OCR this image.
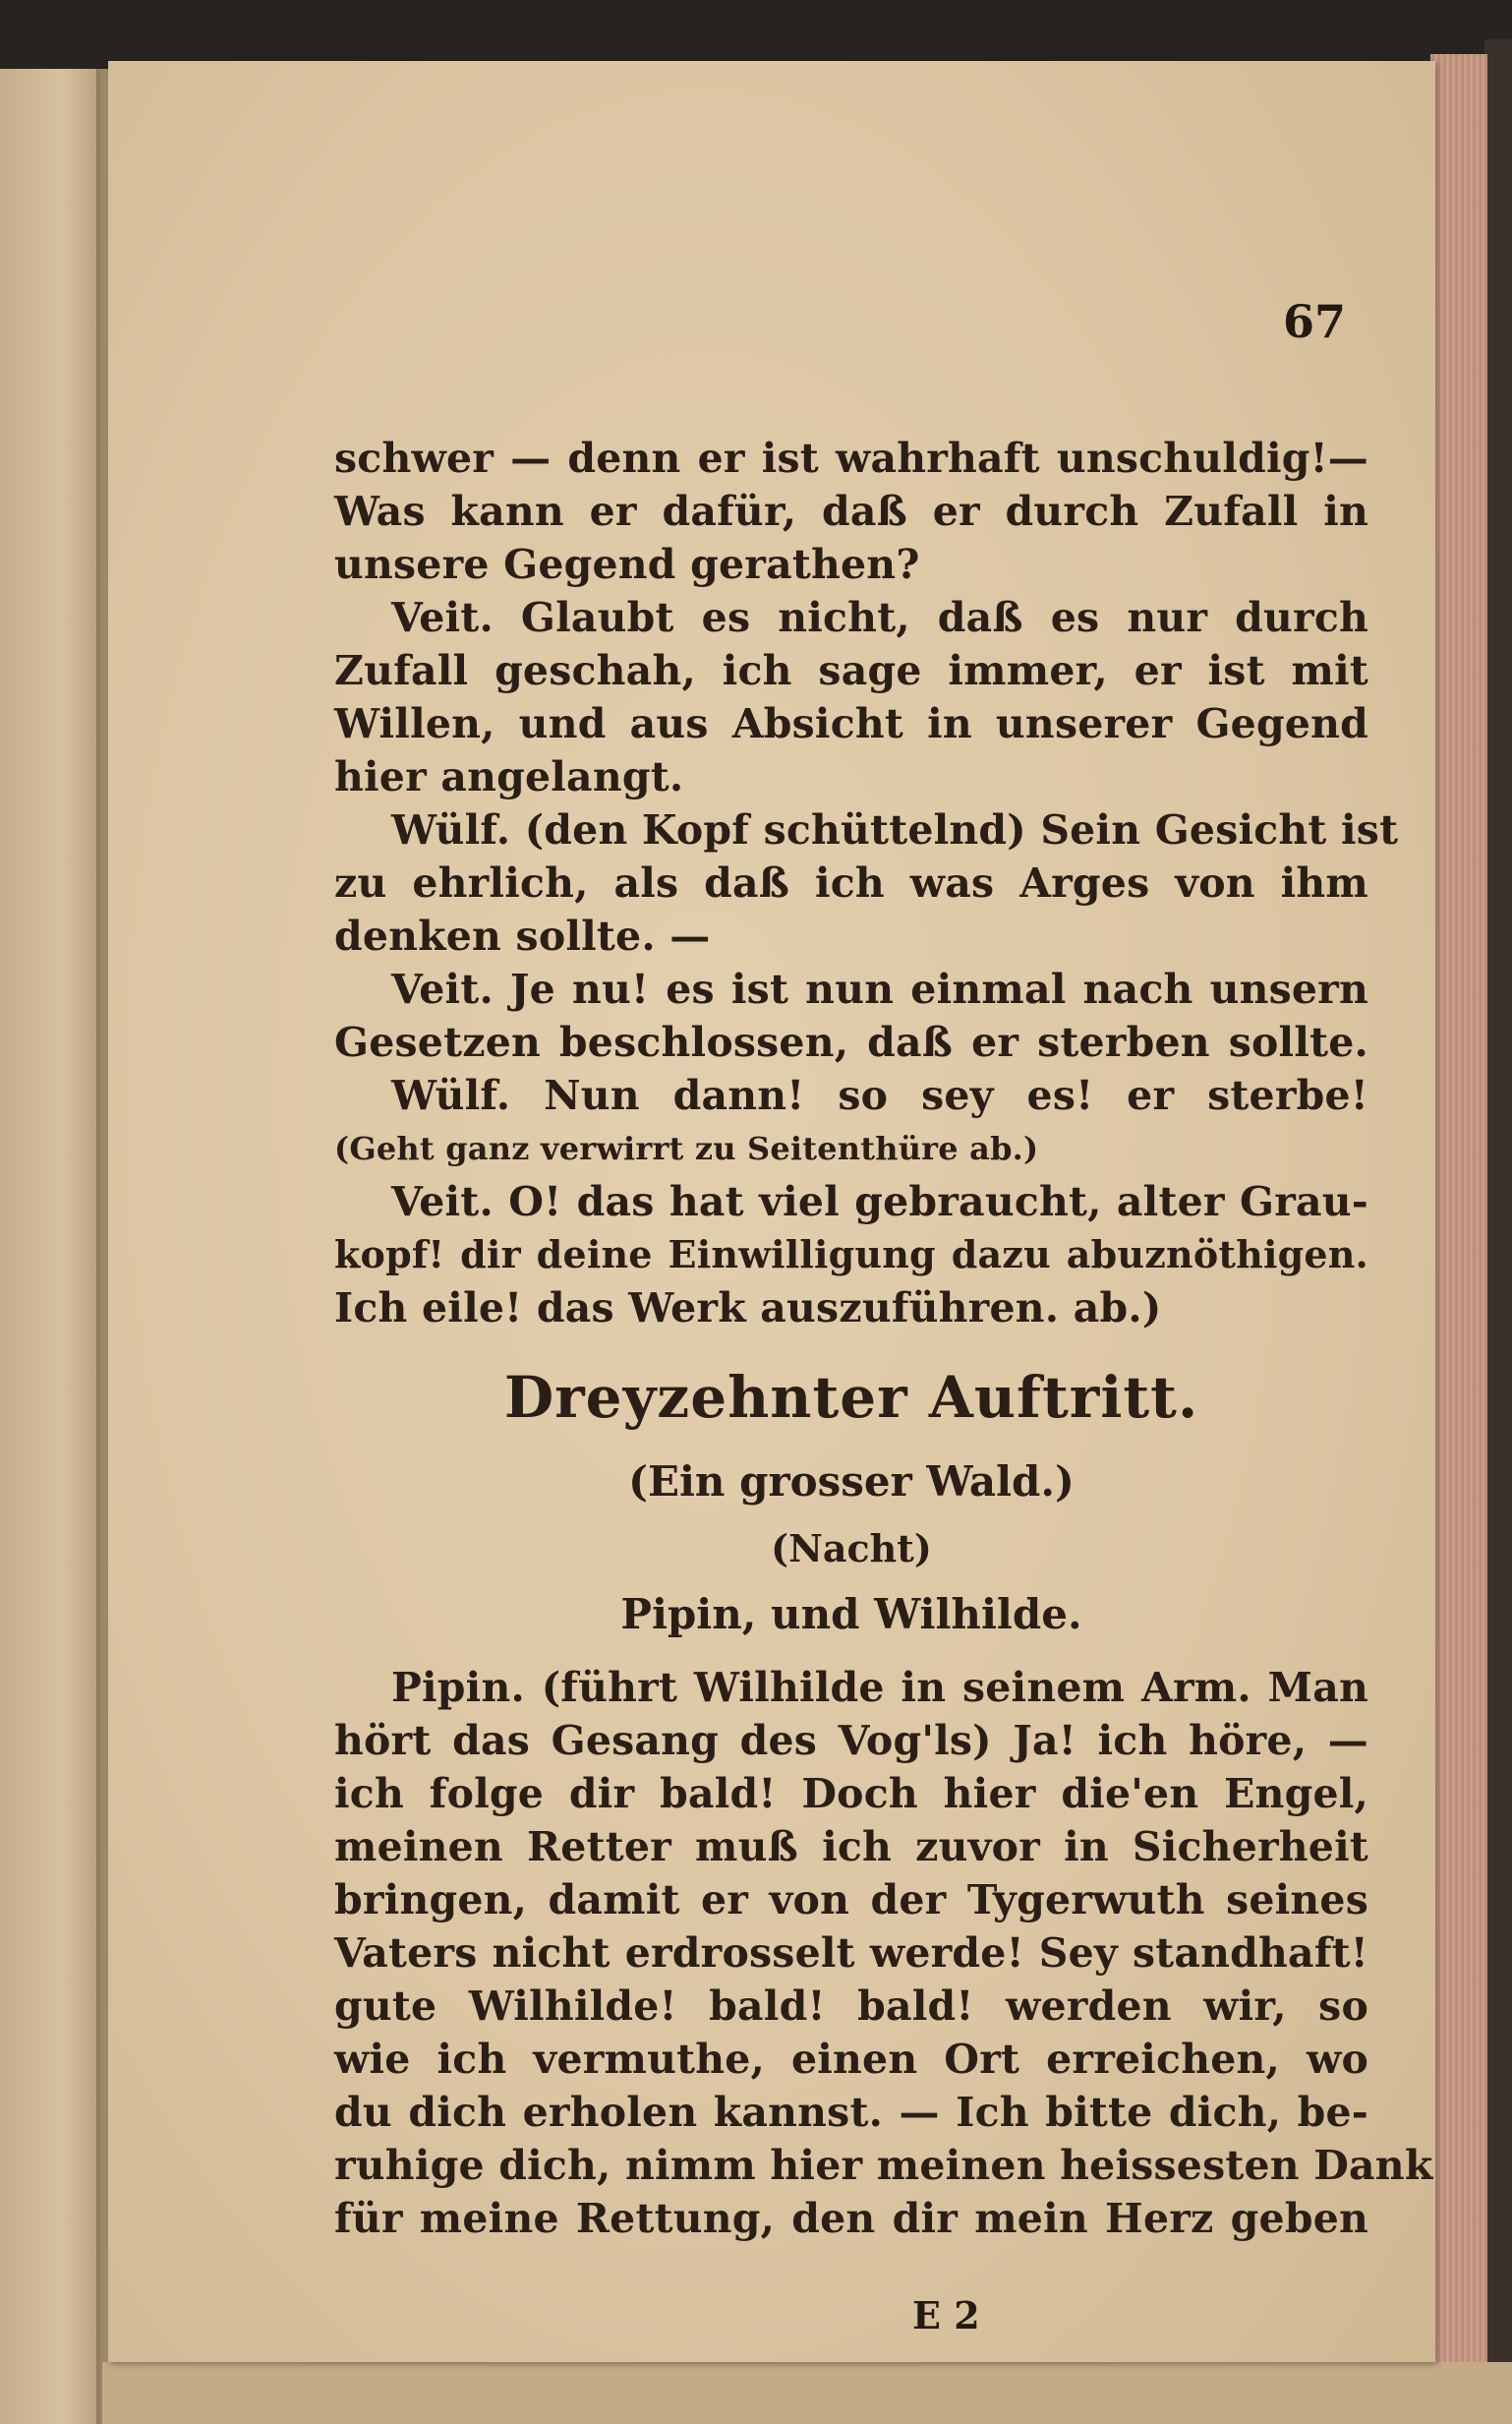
67
schwer — denn er ist wahrhaft unschuldig!—
Was kann er dafür, daß er durch Zufall in
unsere Gegend gerathen?
Veit. Glaubt es nicht, daß es nur durch
Zufall geschah, ich sage immer, er ist mit
Willen, und aus Absicht in unserer Gegend
hier angelangt.
Wülf. (den Kopf schüttelnd) Sein Gesicht ist
zu ehrlich, als daß ich was Arges von ihm
denken sollte. —
Veit. Je nu! es ist nun einmal nach unsern
Gesetzen beschlossen, daß er sterben sollte.
Wülf. Nun dann! so sey es! er sterbe!
(Geht ganz verwirrt zu Seitenthüre ab.)
Veit. O! das hat viel gebraucht, alter Grau-
kopf! dir deine Einwilligung dazu abuznöthigen.
Ich eile! das Werk auszuführen. ab.)
Dreyzehnter Auftritt.
(Ein grosser Wald.)
(Nacht)
Pipin, und Wilhilde.
Pipin. (führt Wilhilde in seinem Arm. Man
hört das Gesang des Vog'ls) Ja! ich höre, —
ich folge dir bald! Doch hier die'en Engel,
meinen Retter muß ich zuvor in Sicherheit
bringen, damit er von der Tygerwuth seines
Vaters nicht erdrosselt werde! Sey standhaft!
gute Wilhilde! bald! bald! werden wir, so
wie ich vermuthe, einen Ort erreichen, wo
du dich erholen kannst. — Ich bitte dich, be-
ruhige dich, nimm hier meinen heissesten Dank
für meine Rettung, den dir mein Herz geben
E 2
